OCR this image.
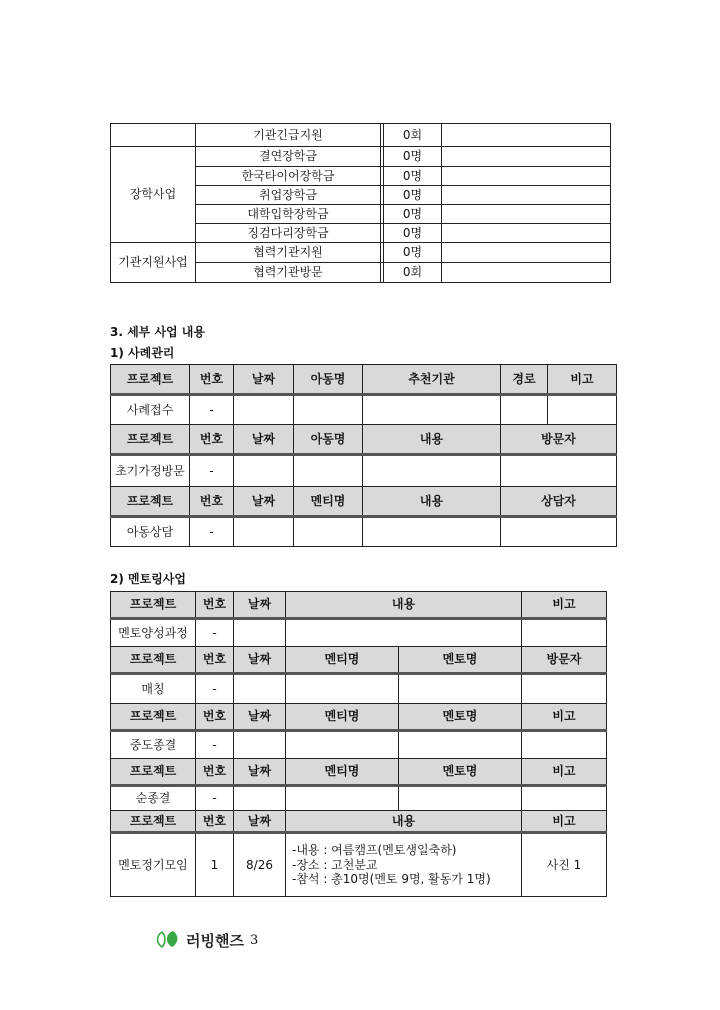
	기관긴급지원		0회	
장학사업	결연장학금		0명	
	한국타이어장학금		0명	
	취업장학금		0명	
	대학입학장학금		0명	
	징검다리장학금		0명	
기관지원사업	협력기관지원		0명	
	협력기관방문		0회	
3. 세부 사업 내용
1) 사례관리
프로젝트	번호	날짜	아동명	추천기관	경로	비고
사례접수	-					
프로젝트	번호	날짜	아동명	내용	방문자	
초기가정방문	-					
프로젝트	번호	날짜	멘티명	내용	상담자	
아동상담	-					
2) 멘토링사업
프로젝트	번호	날짜	내용		비고
멘토양성과정	-				
프로젝트	번호	날짜	멘티명	멘토명	방문자
매칭	-				
프로젝트	번호	날짜	멘티명	멘토명	비고
중도종결	-				
프로젝트	번호	날짜	멘티명	멘토명	비고
순종결	-				
프로젝트	번호	날짜	내용		비고
멘토정기모임	1	8/26	-내용 : 여름캠프(멘토생일축하)
-장소 : 고천분교
-참석 : 총10명(멘토 9명, 활동가 1명)		사진 1
러빙핸즈 3
